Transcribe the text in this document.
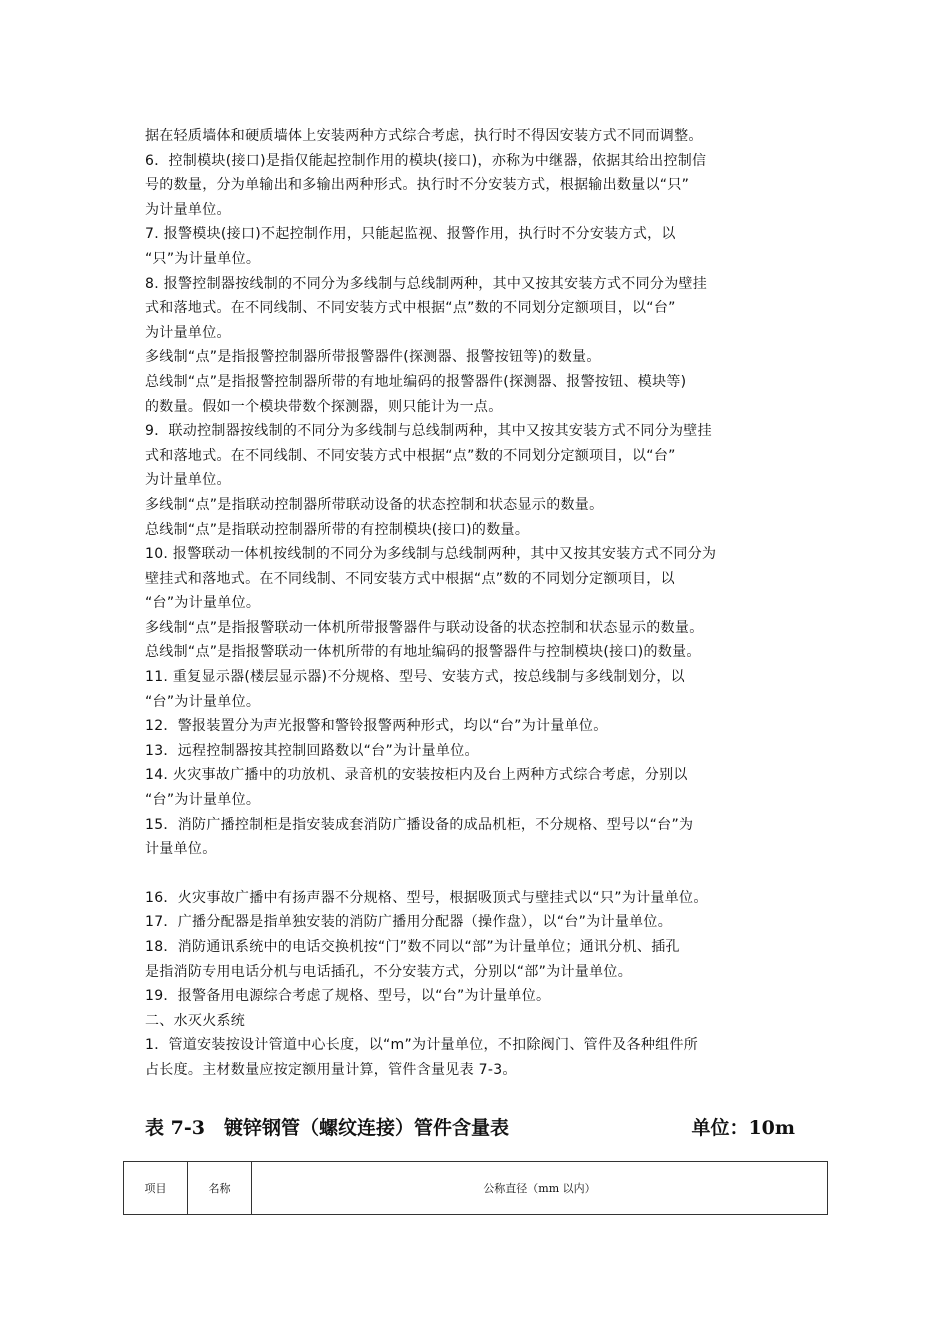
据在轻质墙体和硬质墙体上安装两种方式综合考虑，执行时不得因安装方式不同而调整。
6．控制模块(接口)是指仅能起控制作用的模块(接口)，亦称为中继器，依据其给出控制信
号的数量，分为单输出和多输出两种形式。执行时不分安装方式，根据输出数量以“只”
为计量单位。
7. 报警模块(接口)不起控制作用，只能起监视、报警作用，执行时不分安装方式，以
“只”为计量单位。
8. 报警控制器按线制的不同分为多线制与总线制两种，其中又按其安装方式不同分为壁挂
式和落地式。在不同线制、不同安装方式中根据“点”数的不同划分定额项目，以“台”
为计量单位。
多线制“点”是指报警控制器所带报警器件(探测器、报警按钮等)的数量。
总线制“点”是指报警控制器所带的有地址编码的报警器件(探测器、报警按钮、模块等)
的数量。假如一个模块带数个探测器，则只能计为一点。
9．联动控制器按线制的不同分为多线制与总线制两种，其中又按其安装方式不同分为壁挂
式和落地式。在不同线制、不同安装方式中根据“点”数的不同划分定额项目，以“台”
为计量单位。
多线制“点”是指联动控制器所带联动设备的状态控制和状态显示的数量。
总线制“点”是指联动控制器所带的有控制模块(接口)的数量。
10. 报警联动一体机按线制的不同分为多线制与总线制两种，其中又按其安装方式不同分为
壁挂式和落地式。在不同线制、不同安装方式中根据“点”数的不同划分定额项目，以
“台”为计量单位。
多线制“点”是指报警联动一体机所带报警器件与联动设备的状态控制和状态显示的数量。
总线制“点”是指报警联动一体机所带的有地址编码的报警器件与控制模块(接口)的数量。
11. 重复显示器(楼层显示器)不分规格、型号、安装方式，按总线制与多线制划分，以
“台”为计量单位。
12．警报装置分为声光报警和警铃报警两种形式，均以“台”为计量单位。
13．远程控制器按其控制回路数以“台”为计量单位。
14. 火灾事故广播中的功放机、录音机的安装按柜内及台上两种方式综合考虑，分别以
“台”为计量单位。
15．消防广播控制柜是指安装成套消防广播设备的成品机柜，不分规格、型号以“台”为
计量单位。
16．火灾事故广播中有扬声器不分规格、型号，根据吸顶式与壁挂式以“只”为计量单位。
17．广播分配器是指单独安装的消防广播用分配器（操作盘），以“台”为计量单位。
18．消防通讯系统中的电话交换机按“门”数不同以“部”为计量单位；通讯分机、插孔
是指消防专用电话分机与电话插孔，不分安装方式，分别以“部”为计量单位。
19．报警备用电源综合考虑了规格、型号，以“台”为计量单位。
二、水灭火系统
1．管道安装按设计管道中心长度，以“m”为计量单位，不扣除阀门、管件及各种组件所
占长度。主材数量应按定额用量计算，管件含量见表 7-3。
表 7-3　镀锌钢管（螺纹连接）管件含量表	单位：10m
项目	名称	公称直径（mm 以内）
